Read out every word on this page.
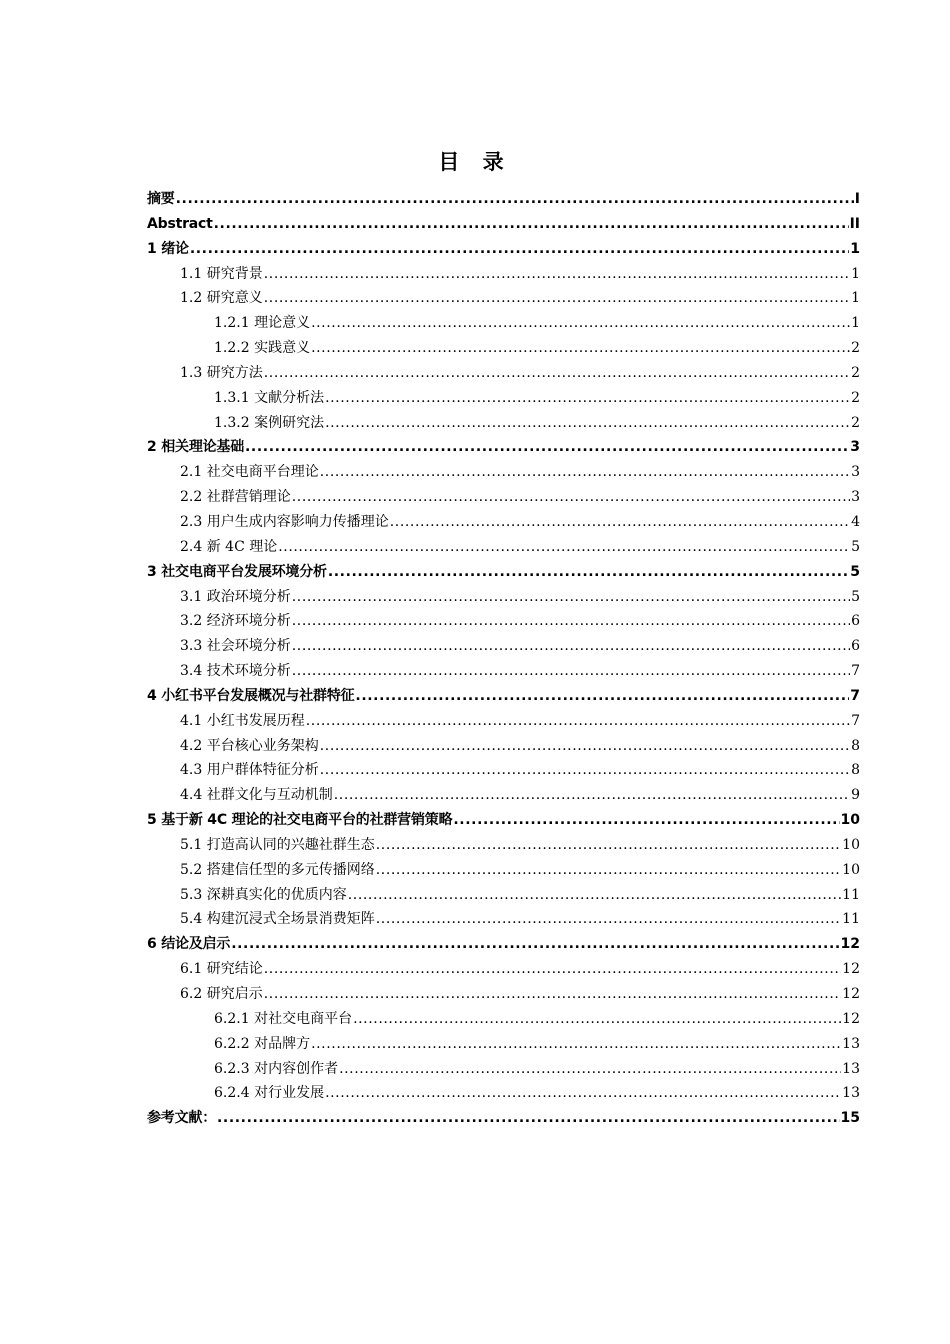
目 录
摘要 .....	I
Abstract .....	II
1 绪论 .....	1
1.1 研究背景 .....	1
1.2 研究意义 .....	1
1.2.1 理论意义 .....	1
1.2.2 实践意义 .....	2
1.3 研究方法 .....	2
1.3.1 文献分析法 .....	2
1.3.2 案例研究法 .....	2
2 相关理论基础 .....	3
2.1 社交电商平台理论 .....	3
2.2 社群营销理论 .....	3
2.3 用户生成内容影响力传播理论 .....	4
2.4 新 4C 理论 .....	5
3 社交电商平台发展环境分析 .....	5
3.1 政治环境分析 .....	5
3.2 经济环境分析 .....	6
3.3 社会环境分析 .....	6
3.4 技术环境分析 .....	7
4 小红书平台发展概况与社群特征 .....	7
4.1 小红书发展历程 .....	7
4.2 平台核心业务架构 .....	8
4.3 用户群体特征分析 .....	8
4.4 社群文化与互动机制 .....	9
5 基于新 4C 理论的社交电商平台的社群营销策略 .....	10
5.1 打造高认同的兴趣社群生态 .....	10
5.2 搭建信任型的多元传播网络 .....	10
5.3 深耕真实化的优质内容 .....	11
5.4 构建沉浸式全场景消费矩阵 .....	11
6 结论及启示 .....	12
6.1 研究结论 .....	12
6.2 研究启示 .....	12
6.2.1 对社交电商平台 .....	12
6.2.2 对品牌方 .....	13
6.2.3 对内容创作者 .....	13
6.2.4 对行业发展 .....	13
参考文献： .....	15
